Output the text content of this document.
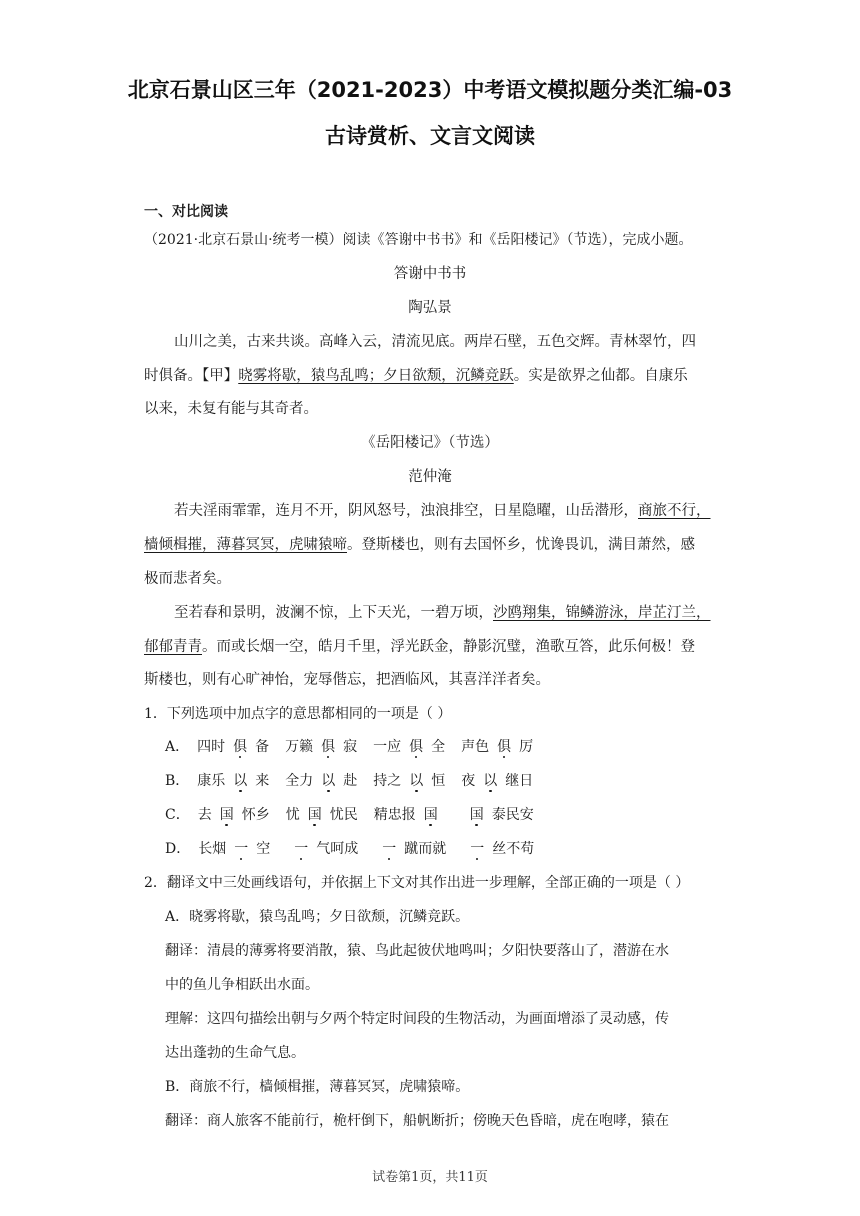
北京石景山区三年（2021-2023）中考语文模拟题分类汇编-03
古诗赏析、文言文阅读
一、对比阅读
（2021·北京石景山·统考一模）阅读《答谢中书书》和《岳阳楼记》（节选），完成小题。
答谢中书书
陶弘景
山川之美，古来共谈。高峰入云，清流见底。两岸石壁，五色交辉。青林翠竹，四
时俱备。【甲】晓雾将歇，猿鸟乱鸣；夕日欲颓，沉鳞竞跃。实是欲界之仙都。自康乐
以来，未复有能与其奇者。
《岳阳楼记》（节选）
范仲淹
若夫淫雨霏霏，连月不开，阴风怒号，浊浪排空，日星隐曜，山岳潜形，商旅不行，
樯倾楫摧，薄暮冥冥，虎啸猿啼。登斯楼也，则有去国怀乡，忧谗畏讥，满目萧然，感
极而悲者矣。
至若春和景明，波澜不惊，上下天光，一碧万顷，沙鸥翔集，锦鳞游泳，岸芷汀兰，
郁郁青青。而或长烟一空，皓月千里，浮光跃金，静影沉璧，渔歌互答，此乐何极！登
斯楼也，则有心旷神怡，宠辱偕忘，把酒临风，其喜洋洋者矣。
1．下列选项中加点字的意思都相同的一项是（ ）
A． 四时 俱 备 万籁 俱 寂 一应 俱 全 声色 俱 厉
B． 康乐 以 来 全力 以 赴 持之 以 恒 夜 以 继日
C． 去 国 怀乡 忧 国 忧民 精忠报 国 国 泰民安
D． 长烟 一 空 一 气呵成 一 蹴而就 一 丝不苟
2．翻译文中三处画线语句，并依据上下文对其作出进一步理解，全部正确的一项是（ ）
A．晓雾将歇，猿鸟乱鸣；夕日欲颓，沉鳞竞跃。
翻译：清晨的薄雾将要消散，猿、鸟此起彼伏地鸣叫；夕阳快要落山了，潜游在水
中的鱼儿争相跃出水面。
理解：这四句描绘出朝与夕两个特定时间段的生物活动，为画面增添了灵动感，传
达出蓬勃的生命气息。
B．商旅不行，樯倾楫摧，薄暮冥冥，虎啸猿啼。
翻译：商人旅客不能前行，桅杆倒下，船帆断折；傍晚天色昏暗，虎在咆哮，猿在
试卷第1页，共11页
